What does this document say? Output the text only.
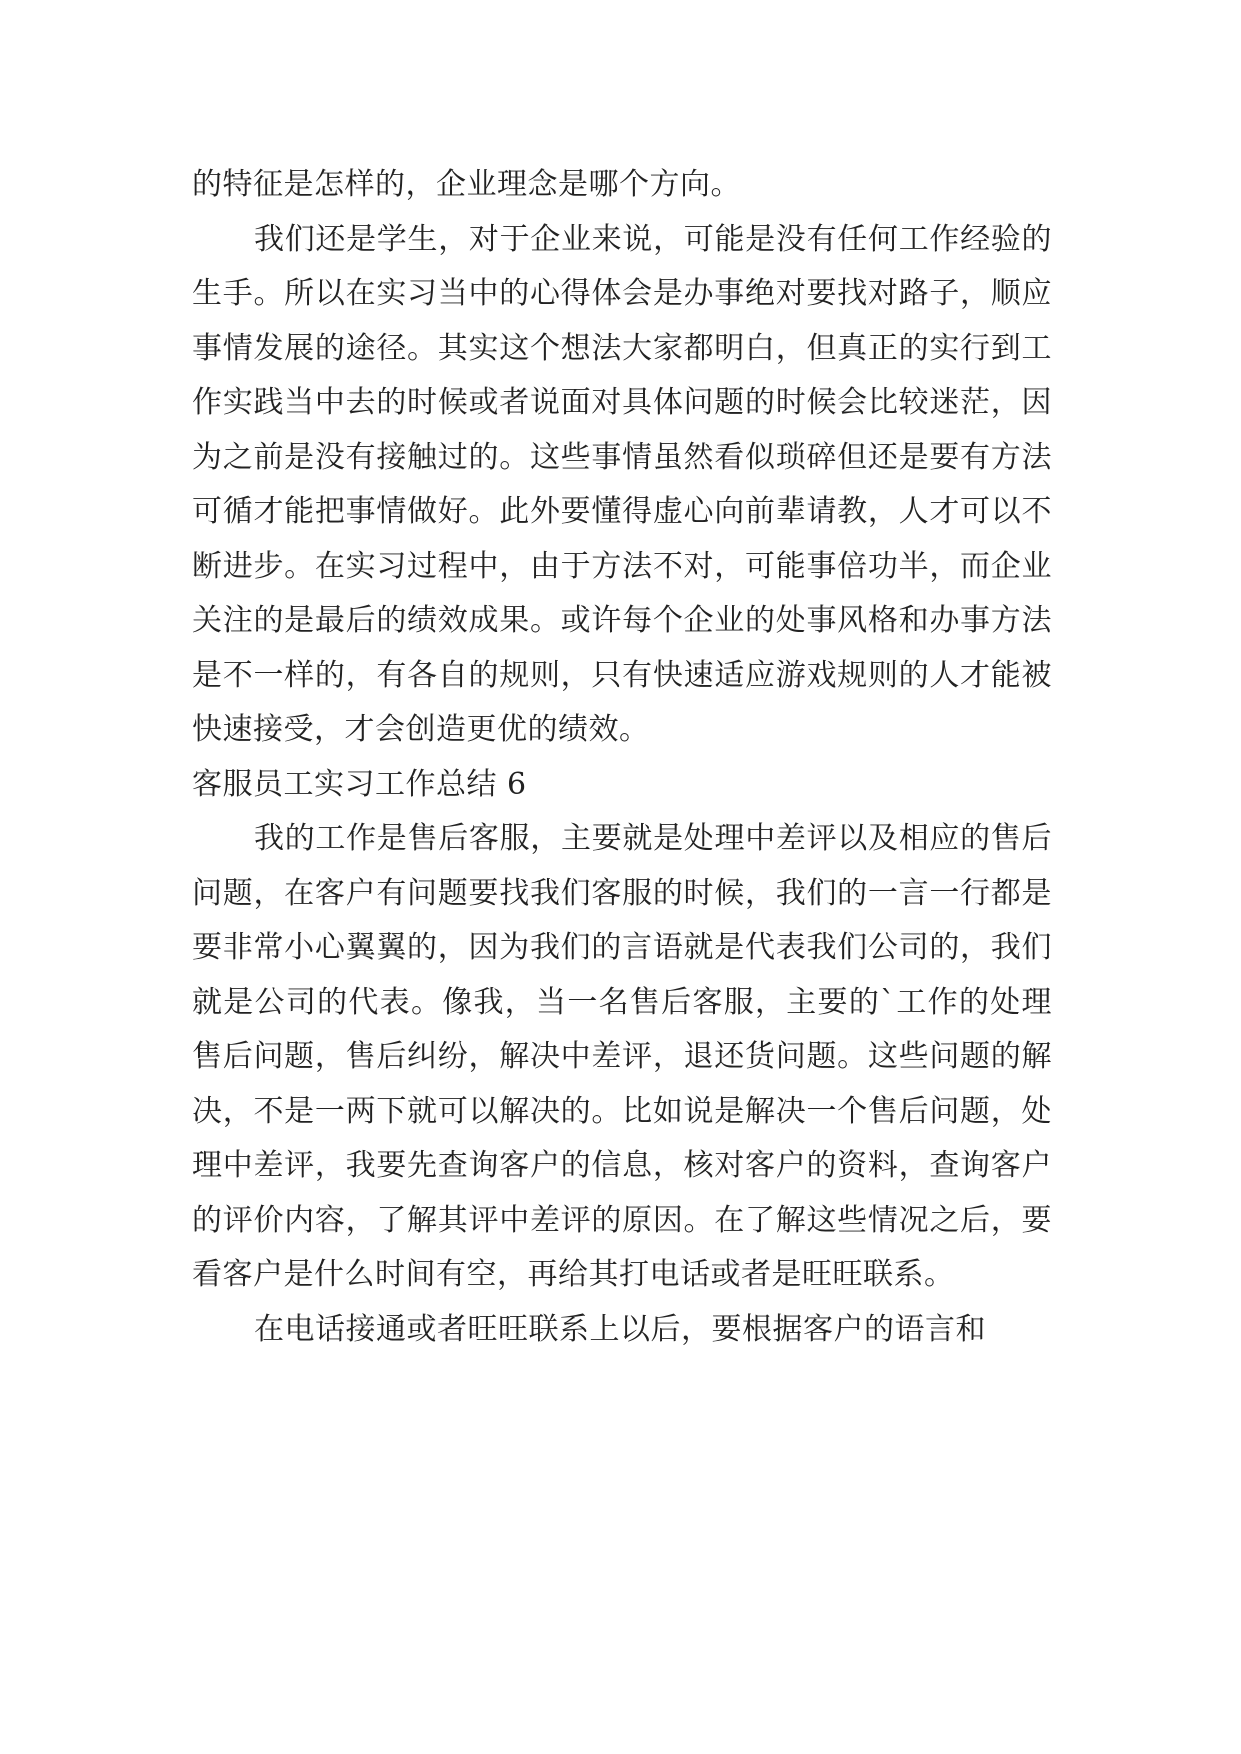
的特征是怎样的，企业理念是哪个方向。

我们还是学生，对于企业来说，可能是没有任何工作经验的生手。所以在实习当中的心得体会是办事绝对要找对路子，顺应事情发展的途径。其实这个想法大家都明白，但真正的实行到工作实践当中去的时候或者说面对具体问题的时候会比较迷茫，因为之前是没有接触过的。这些事情虽然看似琐碎但还是要有方法可循才能把事情做好。此外要懂得虚心向前辈请教，人才可以不断进步。在实习过程中，由于方法不对，可能事倍功半，而企业关注的是最后的绩效成果。或许每个企业的处事风格和办事方法是不一样的，有各自的规则，只有快速适应游戏规则的人才能被快速接受，才会创造更优的绩效。

客服员工实习工作总结 6

我的工作是售后客服，主要就是处理中差评以及相应的售后问题，在客户有问题要找我们客服的时候，我们的一言一行都是要非常小心翼翼的，因为我们的言语就是代表我们公司的，我们就是公司的代表。像我，当一名售后客服，主要的`工作的处理售后问题，售后纠纷，解决中差评，退还货问题。这些问题的解决，不是一两下就可以解决的。比如说是解决一个售后问题，处理中差评，我要先查询客户的信息，核对客户的资料，查询客户的评价内容，了解其评中差评的原因。在了解这些情况之后，要看客户是什么时间有空，再给其打电话或者是旺旺联系。

在电话接通或者旺旺联系上以后，要根据客户的语言和
